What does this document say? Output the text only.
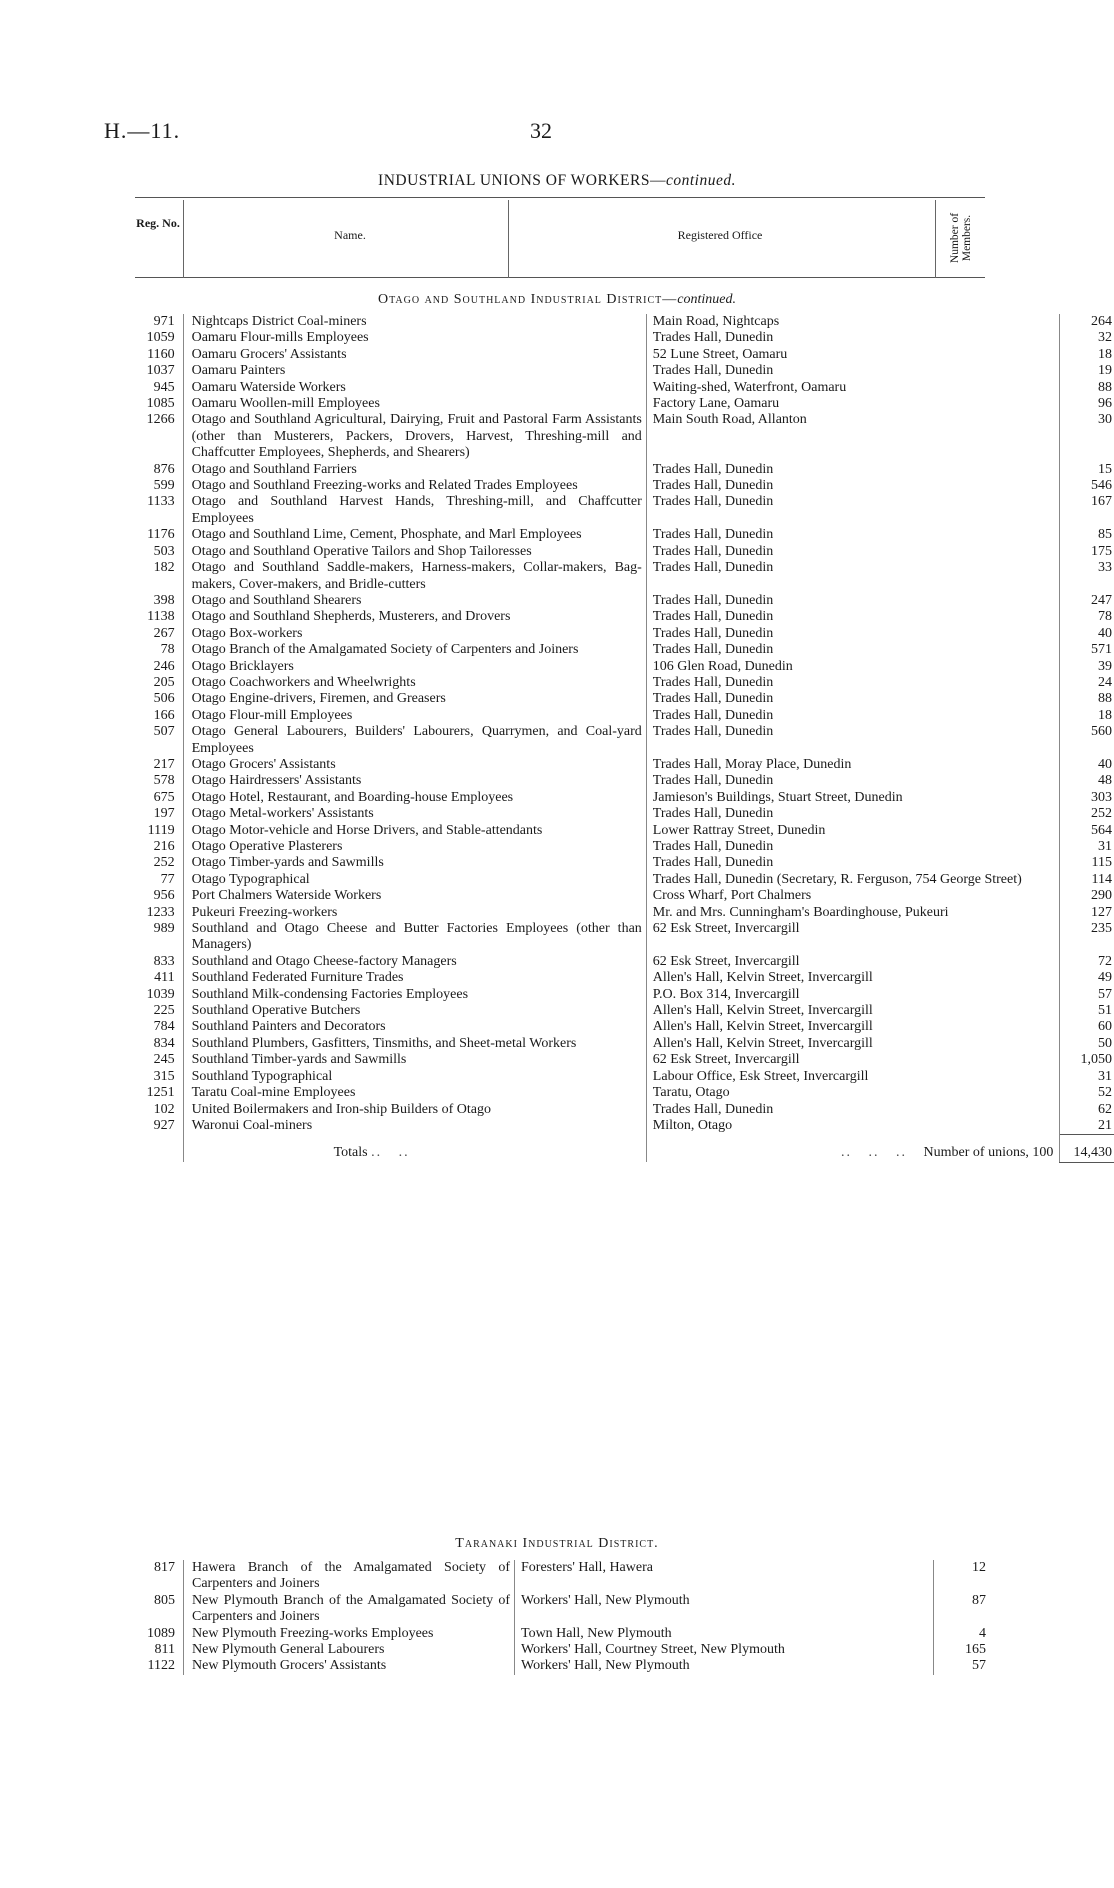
H.—11.	32
INDUSTRIAL UNIONS OF WORKERS—continued.
Reg. No.
Name.	Registered Office	Number of Members.
Otago and Southland Industrial District—continued.
971	Nightcaps District Coal-miners	Main Road, Nightcaps	264
1059	Oamaru Flour-mills Employees	Trades Hall, Dunedin	32
1160	Oamaru Grocers' Assistants	52 Lune Street, Oamaru	18
1037	Oamaru Painters	Trades Hall, Dunedin	19
945	Oamaru Waterside Workers	Waiting-shed, Waterfront, Oamaru	88
1085	Oamaru Woollen-mill Employees	Factory Lane, Oamaru	96
1266	Otago and Southland Agricultural, Dairying, Fruit and Pastoral Farm Assistants (other than Musterers, Packers, Drovers, Harvest, Threshing-mill and Chaffcutter Employees, Shepherds, and Shearers)	Main South Road, Allanton	30
876	Otago and Southland Farriers	Trades Hall, Dunedin	15
599	Otago and Southland Freezing-works and Related Trades Employees	Trades Hall, Dunedin	546
1133	Otago and Southland Harvest Hands, Threshing-mill, and Chaffcutter Employees	Trades Hall, Dunedin	167
1176	Otago and Southland Lime, Cement, Phosphate, and Marl Employees	Trades Hall, Dunedin	85
503	Otago and Southland Operative Tailors and Shop Tailoresses	Trades Hall, Dunedin	175
182	Otago and Southland Saddle-makers, Harness-makers, Collar-makers, Bag-makers, Cover-makers, and Bridle-cutters	Trades Hall, Dunedin	33
398	Otago and Southland Shearers	Trades Hall, Dunedin	247
1138	Otago and Southland Shepherds, Musterers, and Drovers	Trades Hall, Dunedin	78
267	Otago Box-workers	Trades Hall, Dunedin	40
78	Otago Branch of the Amalgamated Society of Carpenters and Joiners	Trades Hall, Dunedin	571
246	Otago Bricklayers	106 Glen Road, Dunedin	39
205	Otago Coachworkers and Wheelwrights	Trades Hall, Dunedin	24
506	Otago Engine-drivers, Firemen, and Greasers	Trades Hall, Dunedin	88
166	Otago Flour-mill Employees	Trades Hall, Dunedin	18
507	Otago General Labourers, Builders' Labourers, Quarrymen, and Coal-yard Employees	Trades Hall, Dunedin	560
217	Otago Grocers' Assistants	Trades Hall, Moray Place, Dunedin	40
578	Otago Hairdressers' Assistants	Trades Hall, Dunedin	48
675	Otago Hotel, Restaurant, and Boarding-house Employees	Jamieson's Buildings, Stuart Street, Dunedin	303
197	Otago Metal-workers' Assistants	Trades Hall, Dunedin	252
1119	Otago Motor-vehicle and Horse Drivers, and Stable-attendants	Lower Rattray Street, Dunedin	564
216	Otago Operative Plasterers	Trades Hall, Dunedin	31
252	Otago Timber-yards and Sawmills	Trades Hall, Dunedin	115
77	Otago Typographical	Trades Hall, Dunedin (Secretary, R. Ferguson, 754 George Street)	114
956	Port Chalmers Waterside Workers	Cross Wharf, Port Chalmers	290
1233	Pukeuri Freezing-workers	Mr. and Mrs. Cunningham's Boardinghouse, Pukeuri	127
989	Southland and Otago Cheese and Butter Factories Employees (other than Managers)	62 Esk Street, Invercargill	235
833	Southland and Otago Cheese-factory Managers	62 Esk Street, Invercargill	72
411	Southland Federated Furniture Trades	Allen's Hall, Kelvin Street, Invercargill	49
1039	Southland Milk-condensing Factories Employees	P.O. Box 314, Invercargill	57
225	Southland Operative Butchers	Allen's Hall, Kelvin Street, Invercargill	51
784	Southland Painters and Decorators	Allen's Hall, Kelvin Street, Invercargill	60
834	Southland Plumbers, Gasfitters, Tinsmiths, and Sheet-metal Workers	Allen's Hall, Kelvin Street, Invercargill	50
245	Southland Timber-yards and Sawmills	62 Esk Street, Invercargill	1,050
315	Southland Typographical	Labour Office, Esk Street, Invercargill	31
1251	Taratu Coal-mine Employees	Taratu, Otago	52
102	United Boilermakers and Iron-ship Builders of Otago	Trades Hall, Dunedin	62
927	Waronui Coal-miners	Milton, Otago	21
	Totals ..   ..	..   ..   ..   Number of unions, 100	14,430
Taranaki Industrial District.
817	Hawera Branch of the Amalgamated Society of Carpenters and Joiners	Foresters' Hall, Hawera	12
805	New Plymouth Branch of the Amalgamated Society of Carpenters and Joiners	Workers' Hall, New Plymouth	87
1089	New Plymouth Freezing-works Employees	Town Hall, New Plymouth	4
811	New Plymouth General Labourers	Workers' Hall, Courtney Street, New Plymouth	165
1122	New Plymouth Grocers' Assistants	Workers' Hall, New Plymouth	57
